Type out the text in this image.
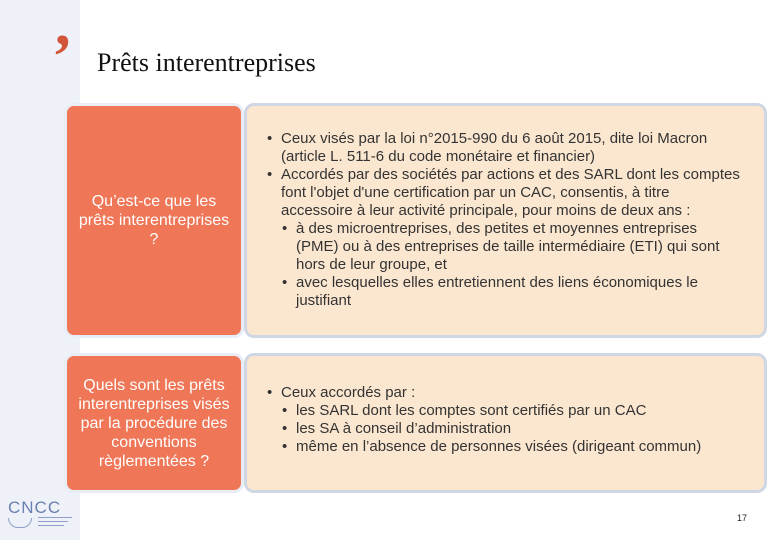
’ Prêts interentreprises
Qu’est-ce que les prêts interentreprises ?
• Ceux visés par la loi n°2015-990 du 6 août 2015, dite loi Macron (article L. 511-6 du code monétaire et financier)
• Accordés par des sociétés par actions et des SARL dont les comptes font l'objet d'une certification par un CAC, consentis, à titre accessoire à leur activité principale, pour moins de deux ans :
• à des microentreprises, des petites et moyennes entreprises (PME) ou à des entreprises de taille intermédiaire (ETI) qui sont hors de leur groupe, et
• avec lesquelles elles entretiennent des liens économiques le justifiant
Quels sont les prêts interentreprises visés par la procédure des conventions règlementées ?
• Ceux accordés par :
• les SARL dont les comptes sont certifiés par un CAC
• les SA à conseil d’administration
• même en l’absence de personnes visées (dirigeant commun)
CNCC
17
